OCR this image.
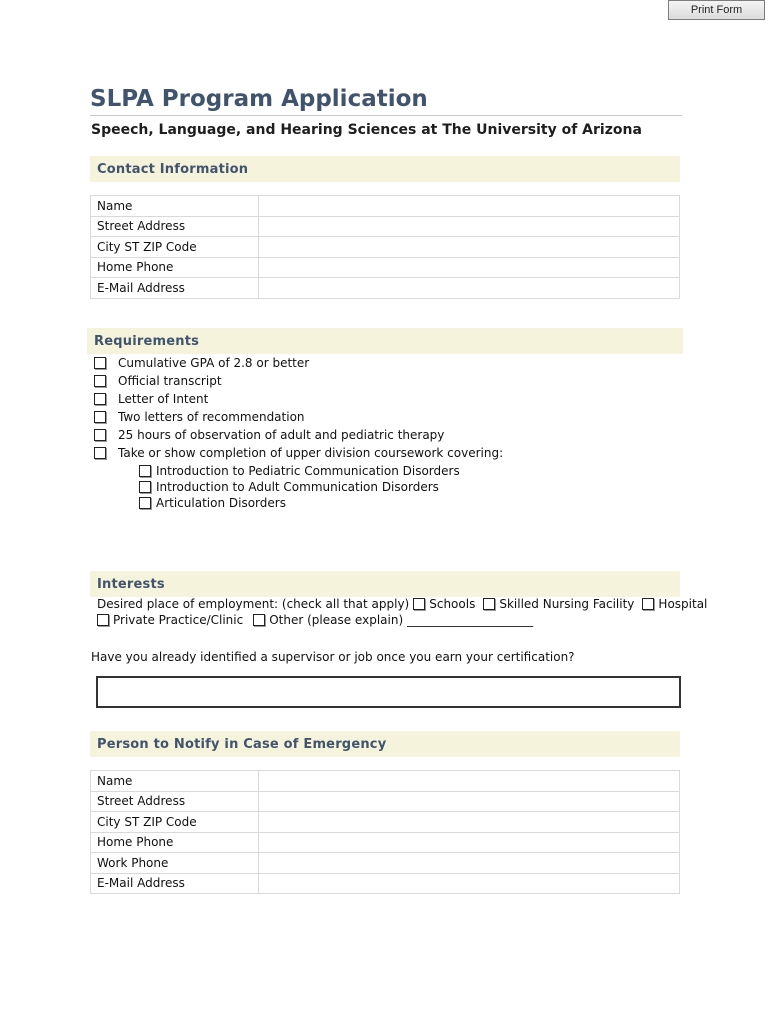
Print Form
SLPA Program Application
Speech, Language, and Hearing Sciences at The University of Arizona
Contact Information
Name	
Street Address	
City ST ZIP Code	
Home Phone	
E-Mail Address	
Requirements
Cumulative GPA of 2.8 or better
Official transcript
Letter of Intent
Two letters of recommendation
25 hours of observation of adult and pediatric therapy
Take or show completion of upper division coursework covering:
Introduction to Pediatric Communication Disorders
Introduction to Adult Communication Disorders
Articulation Disorders
Interests
Desired place of employment: (check all that apply) Schools Skilled Nursing Facility Hospital
Private Practice/Clinic Other (please explain) _____________________
Have you already identified a supervisor or job once you earn your certification?
Person to Notify in Case of Emergency
Name	
Street Address	
City ST ZIP Code	
Home Phone	
Work Phone	
E-Mail Address	
